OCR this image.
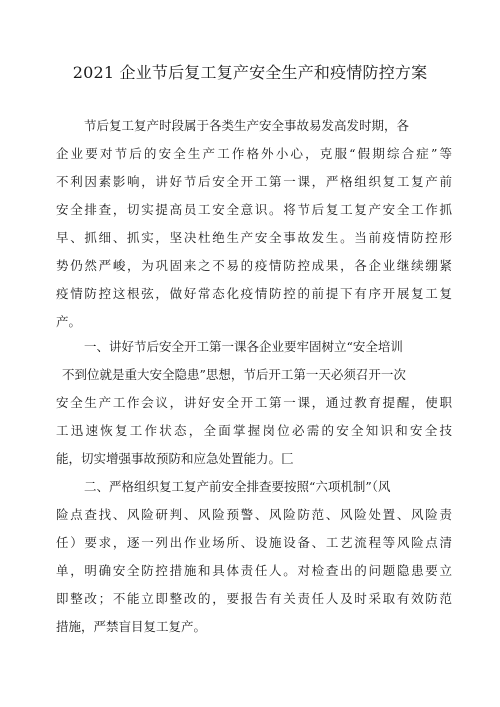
2021 企业节后复工复产安全生产和疫情防控方案
节后复工复产时段属于各类生产安全事故易发高发时期，各
企业要对节后的安全生产工作格外小心，克服“假期综合症”等
不利因素影响，讲好节后安全开工第一课，严格组织复工复产前
安全排查，切实提高员工安全意识。将节后复工复产安全工作抓
早、抓细、抓实，坚决杜绝生产安全事故发生。当前疫情防控形
势仍然严峻，为巩固来之不易的疫情防控成果，各企业继续绷紧
疫情防控这根弦，做好常态化疫情防控的前提下有序开展复工复
产。
一、讲好节后安全开工第一课各企业要牢固树立“安全培训
不到位就是重大安全隐患”思想，节后开工第一天必须召开一次
安全生产工作会议，讲好安全开工第一课，通过教育提醒，使职
工迅速恢复工作状态，全面掌握岗位必需的安全知识和安全技
能，切实增强事故预防和应急处置能力。匚
二、严格组织复工复产前安全排查要按照“六项机制”（风
险点查找、风险研判、风险预警、风险防范、风险处置、风险责
任）要求，逐一列出作业场所、设施设备、工艺流程等风险点清
单，明确安全防控措施和具体责任人。对检查出的问题隐患要立
即整改；不能立即整改的，要报告有关责任人及时采取有效防范
措施，严禁盲目复工复产。
